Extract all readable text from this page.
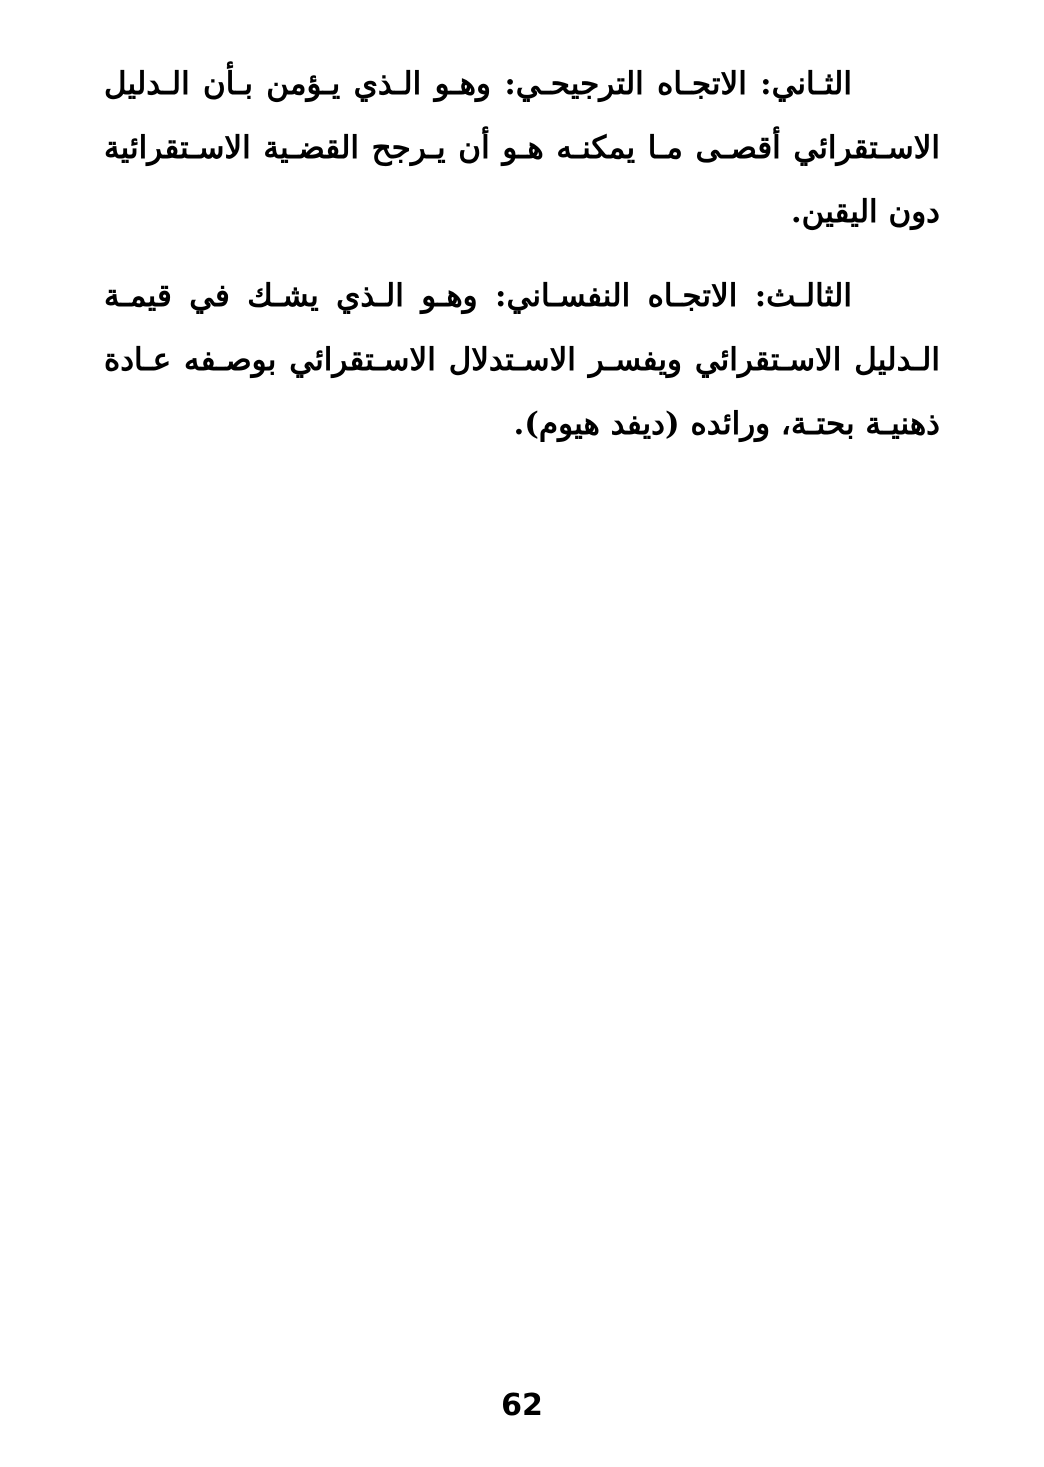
الثـاني: الاتجـاه الترجيحـي: وهـو الـذي يـؤمن بـأن الـدليل الاسـتقرائي أقصـى مـا يمكنـه هـو أن يـرجح القضـية الاسـتقرائية دون اليقين.

الثالـث: الاتجـاه النفسـاني: وهـو الـذي يشـك في قيمـة الـدليل الاسـتقرائي ويفسـر الاسـتدلال الاسـتقرائي بوصـفه عـادة ذهنيـة بحتـة، ورائده (ديفد هيوم).

62
